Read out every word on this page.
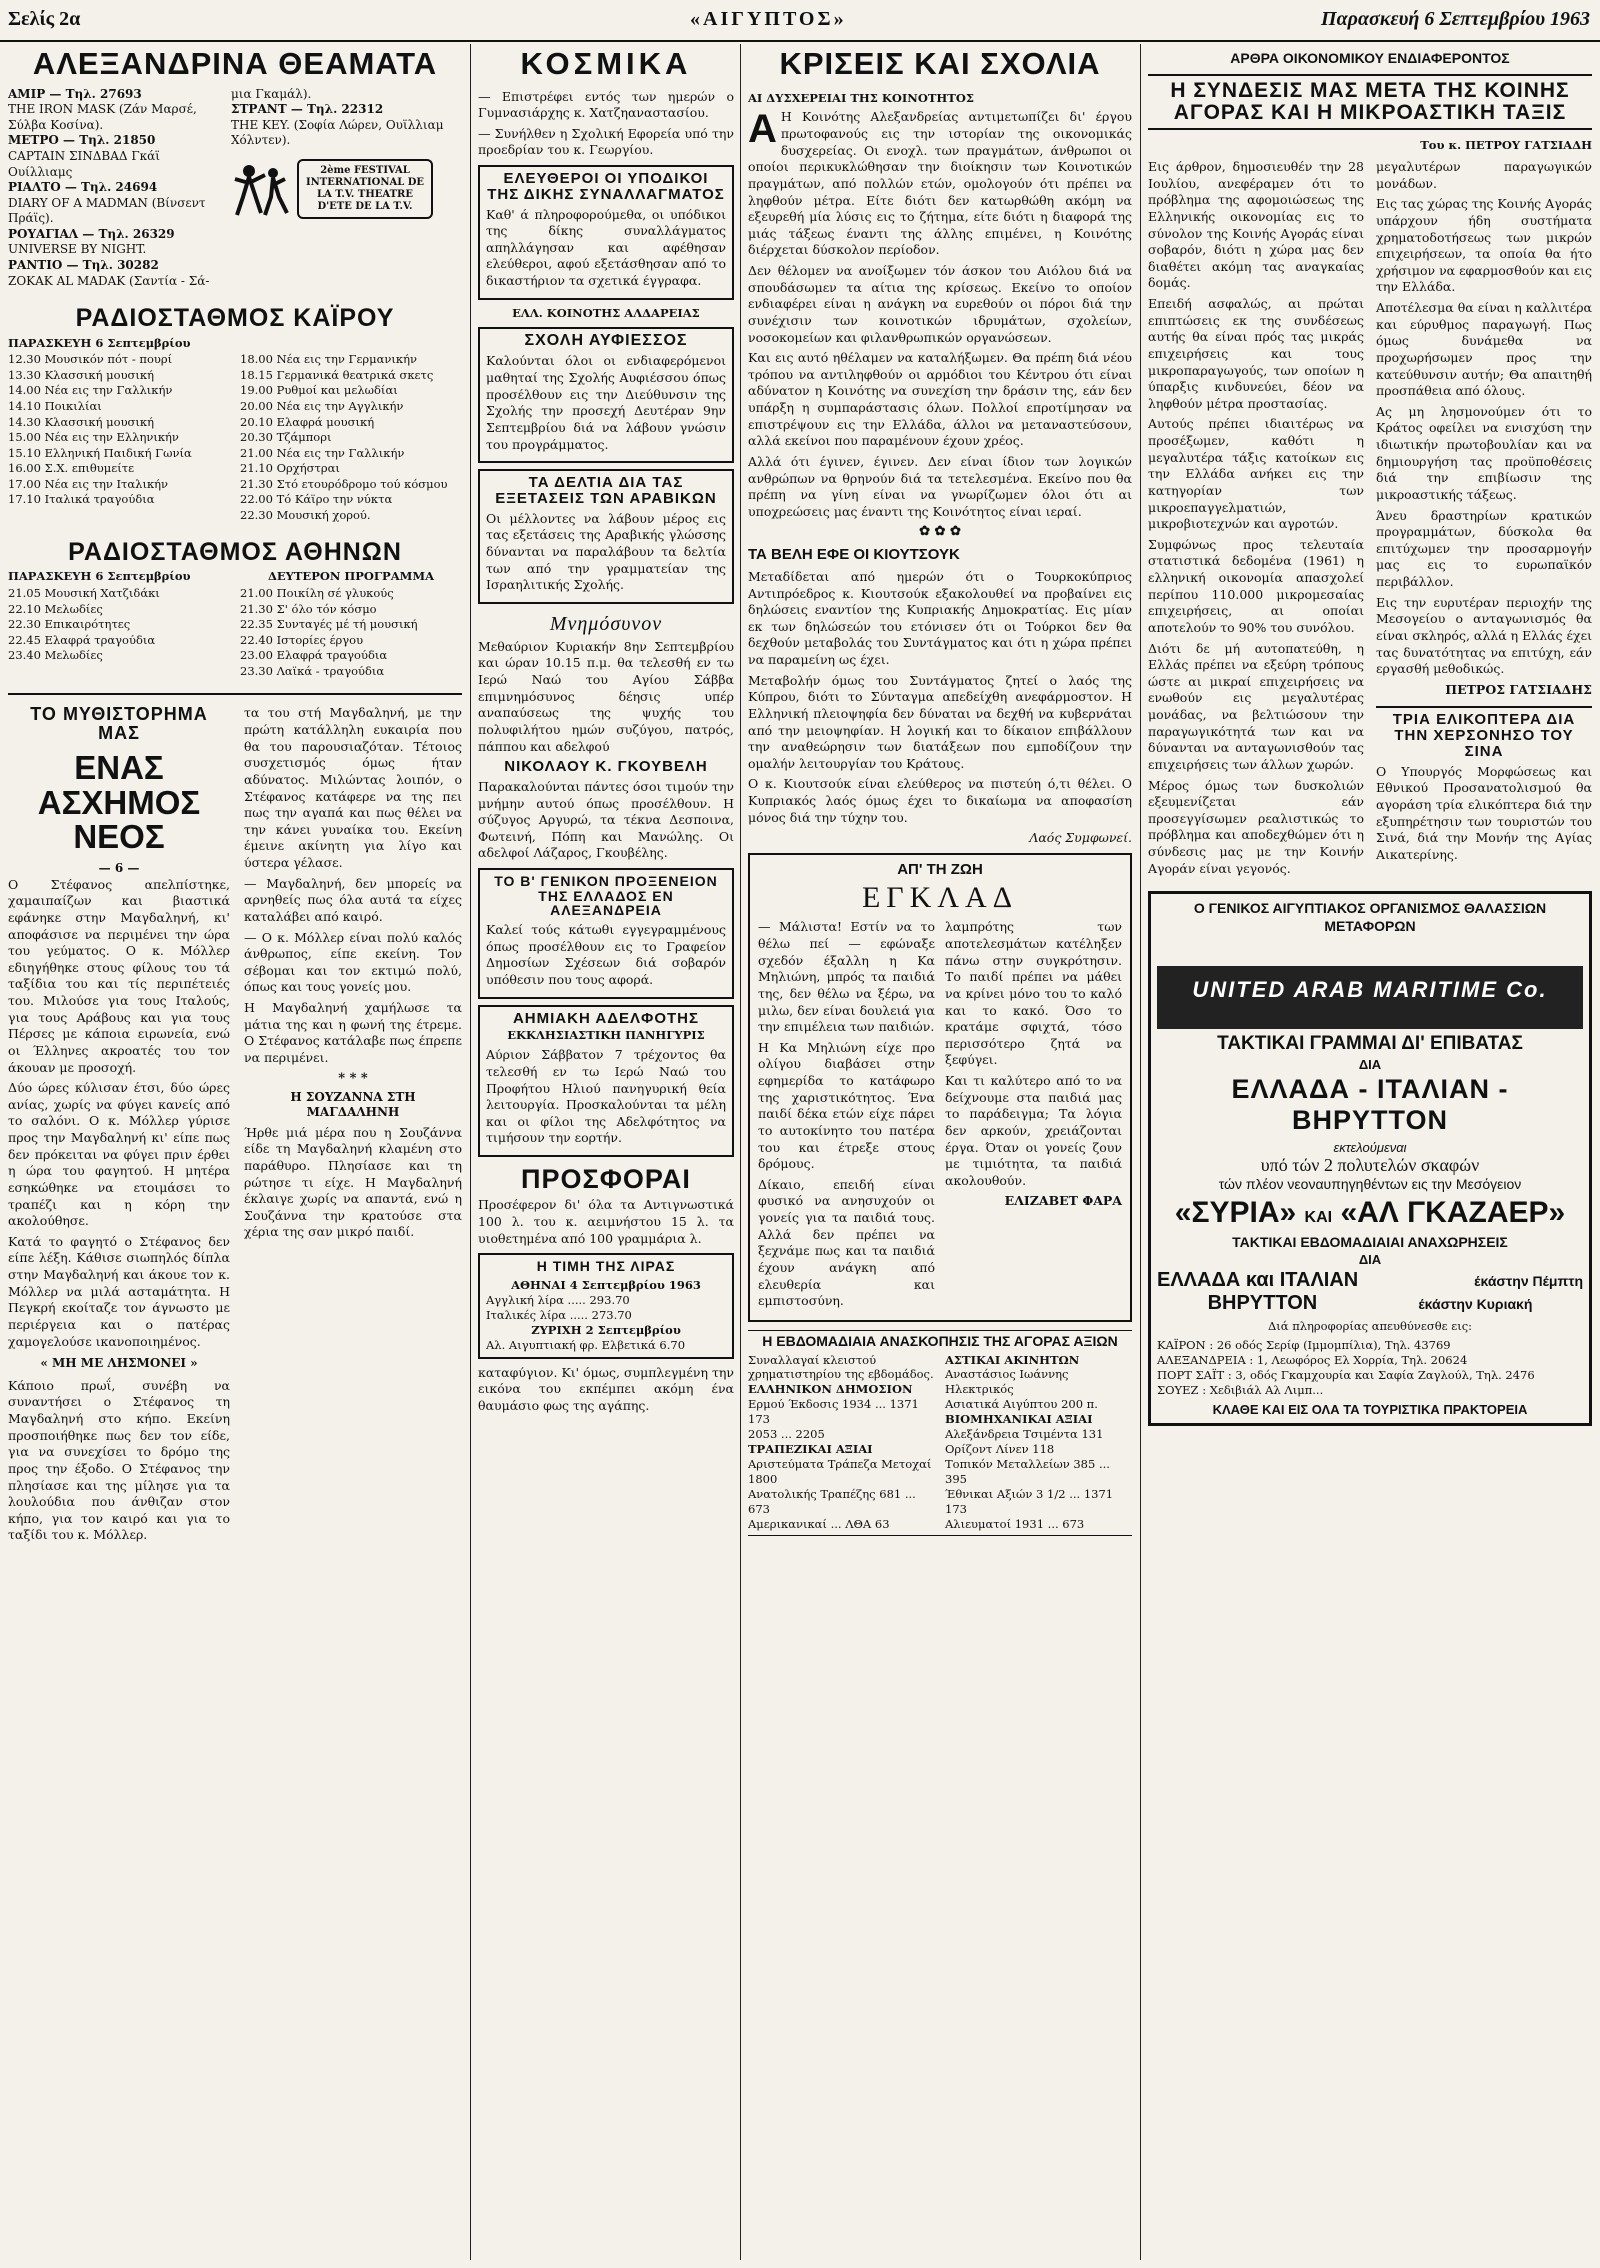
Σελίς 2α	«ΑΙΓΥΠΤΟΣ»	Παρασκευή 6 Σεπτεμβρίου 1963
ΑΛΕΞΑΝΔΡΙΝΑ ΘΕΑΜΑΤΑ
ΑΜΙΡ — Τηλ. 27693
THE IRON MASK (Ζάν Μαρσέ, Σύλβα Κοσίνα).
ΜΕΤΡΟ — Τηλ. 21850
CAPTAIN ΣΙΝΔΒΑΔ Γκάϊ Ουίλλιαμς
ΡΙΑΛΤΟ — Τηλ. 24694
DIARY OF A MADMAN (Βίνσεντ Πράϊς).
ΡΟΥΑΓΙΑΛ — Τηλ. 26329
UNIVERSE BY NIGHT.
ΡΑΝΤΙΟ — Τηλ. 30282
ΖΟΚΑΚ ΑL MADAK (Σαντία - Σά-
μια Γκαμάλ).
ΣΤΡΑΝΤ — Τηλ. 22312
THE KEY. (Σοφία Λώρεν, Ουϊλλιαμ Χόλντεν).
2ème FESTIVAL INTERNATIONAL DE LA T.V. THEATRE D'ETE DE LA T.V.
ΡΑΔΙΟΣΤΑΘΜΟΣ ΚΑΪΡΟΥ
ΠΑΡΑΣΚΕΥΗ 6 Σεπτεμβρίου
12.30 Μουσικόν πότ - πουρί
13.30 Κλασσική μουσική
14.00 Νέα εις την Γαλλικήν
14.10 Ποικιλίαι
14.30 Κλασσική μουσική
15.00 Νέα εις την Ελληνικήν
15.10 Ελληνική Παιδική Γωνία
16.00 Σ.Χ. επιθυμείτε
17.00 Νέα εις την Ιταλικήν
17.10 Ιταλικά τραγούδια
18.00 Νέα εις την Γερμανικήν
18.15 Γερμανικά θεατρικά σκετς
19.00 Ρυθμοί και μελωδίαι
20.00 Νέα εις την Αγγλικήν
20.10 Ελαφρά μουσική
20.30 Τζάμπορι
21.00 Νέα εις την Γαλλικήν
21.10 Ορχήστραι
21.30 Στό ετουρόδρομο τού κόσμου
22.00 Τό Κάϊρο την νύκτα
22.30 Μουσική χορού.
ΡΑΔΙΟΣΤΑΘΜΟΣ ΑΘΗΝΩΝ
ΠΑΡΑΣΚΕΥΗ 6 Σεπτεμβρίου	ΔΕΥΤΕΡΟΝ ΠΡΟΓΡΑΜΜΑ
21.05 Μουσική Χατζιδάκι
22.10 Μελωδίες
22.30 Επικαιρότητες
22.45 Ελαφρά τραγούδια
23.40 Μελωδίες
21.00 Ποικίλη σέ γλυκούς
21.30 Σ' όλο τόν κόσμο
22.35 Συνταγές μέ τή μουσική
22.40 Ιστορίες έργου
23.00 Ελαφρά τραγούδια
23.30 Λαϊκά - τραγούδια
ΤΟ ΜΥΘΙΣΤΟΡΗΜΑ ΜΑΣ
ΕΝΑΣ ΑΣΧΗΜΟΣ ΝΕΟΣ
— 6 —

Ο Στέφανος απελπίστηκε, χαμαιπαίζων και βιαστικά εφάνηκε στην Μαγδαληνή, κι' αποφάσισε να περιμένει την ώρα του γεύματος. Ο κ. Μόλλερ εδιηγήθηκε στους φίλους του τά ταξίδια του και τίς περιπέτειές του. Μιλούσε για τους Ιταλούς, για τους Αράβους και για τους Πέρσες με κάποια ειρωνεία, ενώ οι Έλληνες ακροατές του τον άκουαν με προσοχή.

Δύο ώρες κύλισαν έτσι, δύο ώρες ανίας, χωρίς να φύγει κανείς από το σαλόνι. Ο κ. Μόλλερ γύρισε προς την Μαγδαληνή κι' είπε πως δεν πρόκειται να φύγει πριν έρθει η ώρα του φαγητού. Η μητέρα εσηκώθηκε να ετοιμάσει το τραπέζι και η κόρη την ακολούθησε.

Κατά το φαγητό ο Στέφανος δεν είπε λέξη. Κάθισε σιωπηλός δίπλα στην Μαγδαληνή και άκουε τον κ. Μόλλερ να μιλά ασταμάτητα. Η Πεγκρή εκοίταζε τον άγνωστο με περιέργεια και ο πατέρας χαμογελούσε ικανοποιημένος.

« ΜΗ ΜΕ ΛΗΣΜΟΝΕΙ »

Κάποιο πρωΐ, συνέβη να συναντήσει ο Στέφανος τη Μαγδαληνή στο κήπο. Εκείνη προσποιήθηκε πως δεν τον είδε, για να συνεχίσει το δρόμο της προς την έξοδο. Ο Στέφανος την πλησίασε και της μίλησε για τα λουλούδια που άνθιζαν στον κήπο, για τον καιρό και για το ταξίδι του κ. Μόλλερ.

τα του στή Μαγδαληνή, με την πρώτη κατάλληλη ευκαιρία που θα του παρουσιαζόταν. Τέτοιος συσχετισμός όμως ήταν αδύνατος. Μιλώντας λοιπόν, ο Στέφανος κατάφερε να της πει πως την αγαπά και πως θέλει να την κάνει γυναίκα του. Εκείνη έμεινε ακίνητη για λίγο και ύστερα γέλασε.

— Μαγδαληνή, δεν μπορείς να αρνηθείς πως όλα αυτά τα είχες καταλάβει από καιρό.

— Ο κ. Μόλλερ είναι πολύ καλός άνθρωπος, είπε εκείνη. Τον σέβομαι και τον εκτιμώ πολύ, όπως και τους γονείς μου.

Η Μαγδαληνή χαμήλωσε τα μάτια της και η φωνή της έτρεμε. Ο Στέφανος κατάλαβε πως έπρεπε να περιμένει.

* * *
Η ΣΟΥΖΑΝΝΑ ΣΤΗ ΜΑΓΔΑΛΗΝΗ

Ήρθε μιά μέρα που η Σουζάννα είδε τη Μαγδαληνή κλαμένη στο παράθυρο. Πλησίασε και τη ρώτησε τι είχε. Η Μαγδαληνή έκλαιγε χωρίς να απαντά, ενώ η Σουζάννα την κρατούσε στα χέρια της σαν μικρό παιδί.

ΚΟΣΜΙΚΑ

— Επιστρέφει εντός των ημερών ο Γυμνασιάρχης κ. Χατζηαναστασίου.

— Συνήλθεν η Σχολική Εφορεία υπό την προεδρίαν του κ. Γεωργίου.

ΕΛΕΥΘΕΡΟΙ ΟΙ ΥΠΟΔΙΚΟΙ ΤΗΣ ΔΙΚΗΣ ΣΥΝΑΛΛΑΓΜΑΤΟΣ

Καθ' ά πληροφορούμεθα, οι υπόδικοι της δίκης συναλλάγματος απηλλάγησαν και αφέθησαν ελεύθεροι, αφού εξετάσθησαν από το δικαστήριον τα σχετικά έγγραφα.

ΕΛΛ. ΚΟΙΝΟΤΗΣ ΑΛΔΑΡΕΙΑΣ
ΣΧΟΛΗ ΑΥΦΙΕΣΣΟΣ

Καλούνται όλοι οι ενδιαφερόμενοι μαθηταί της Σχολής Αυφιέσσου όπως προσέλθουν εις την Διεύθυνσιν της Σχολής την προσεχή Δευτέραν 9ην Σεπτεμβρίου διά να λάβουν γνώσιν του προγράμματος.

ΤΑ ΔΕΛΤΙΑ ΔΙΑ ΤΑΣ ΕΞΕΤΑΣΕΙΣ ΤΩΝ ΑΡΑΒΙΚΩΝ

Οι μέλλοντες να λάβουν μέρος εις τας εξετάσεις της Αραβικής γλώσσης δύνανται να παραλάβουν τα δελτία των από την γραμματείαν της Ισραηλιτικής Σχολής.

Μνημόσυνον

Μεθαύριον Κυριακήν 8ην Σεπτεμβρίου και ώραν 10.15 π.μ. θα τελεσθή εν τω Ιερώ Ναώ του Αγίου Σάββα επιμνημόσυνος δέησις υπέρ αναπαύσεως της ψυχής του πολυφιλήτου ημών συζύγου, πατρός, πάππου και αδελφού

ΝΙΚΟΛΑΟΥ Κ. ΓΚΟΥΒΕΛΗ

Παρακαλούνται πάντες όσοι τιμούν την μνήμην αυτού όπως προσέλθουν. Η σύζυγος Αργυρώ, τα τέκνα Δεσποινα, Φωτεινή, Πόπη και Μανώλης. Οι αδελφοί Λάζαρος, Γκουβέλης.

ΤΟ Β' ΓΕΝΙΚΟΝ ΠΡΟΞΕΝΕΙΟΝ ΤΗΣ ΕΛΛΑΔΟΣ ΕΝ ΑΛΕΞΑΝΔΡΕΙΑ

Καλεί τούς κάτωθι εγγεγραμμένους όπως προσέλθουν εις το Γραφείον Δημοσίων Σχέσεων διά σοβαρόν υπόθεσιν που τους αφορά.

ΑΗΜΙΑΚΗ ΑΔΕΛΦΟΤΗΣ
ΕΚΚΛΗΣΙΑΣΤΙΚΗ ΠΑΝΗΓΥΡΙΣ

Αύριον Σάββατον 7 τρέχοντος θα τελεσθή εν τω Ιερώ Ναώ του Προφήτου Ηλιού πανηγυρική θεία λειτουργία. Προσκαλούνται τα μέλη και οι φίλοι της Αδελφότητος να τιμήσουν την εορτήν.

ΠΡΟΣΦΟΡΑΙ

Προσέφερον δι' όλα τα Αντιγνωστικά 100 λ. του κ. αειμνήστου 15 λ. τα υιοθετημένα από 100 γραμμάρια λ.

Η ΤΙΜΗ ΤΗΣ ΛΙΡΑΣ
ΑΘΗΝΑΙ 4 Σεπτεμβρίου 1963
Αγγλική λίρα ..... 293.70
Ιταλικές λίρα ..... 273.70
ΖΥΡΙΧΗ 2 Σεπτεμβρίου
Αλ. Αιγυπτιακή φρ. Ελβετικά 6.70

καταφύγιον. Κι' όμως, συμπλεγμένη την εικόνα του εκπέμπει ακόμη ένα θαυμάσιο φως της αγάπης.

ΚΡΙΣΕΙΣ ΚΑΙ ΣΧΟΛΙΑ
ΑΙ ΔΥΣΧΕΡΕΙΑΙ ΤΗΣ ΚΟΙΝΟΤΗΤΟΣ

Α Η Κοινότης Αλεξανδρείας αντιμετωπίζει δι' έργου πρωτοφανούς εις την ιστορίαν της οικονομικάς δυσχερείας. Οι ενοχλ. των πραγμάτων, άνθρωποι οι οποίοι περικυκλώθησαν την διοίκησιν των Κοινοτικών πραγμάτων, από πολλών ετών, ομολογούν ότι πρέπει να ληφθούν μέτρα. Είτε διότι δεν κατωρθώθη ακόμη να εξευρεθή μία λύσις εις το ζήτημα, είτε διότι η διαφορά της μιάς τάξεως έναντι της άλλης επιμένει, η Κοινότης διέρχεται δύσκολον περίοδον.

Δεν θέλομεν να ανοίξωμεν τόν άσκον του Αιόλου διά να σπουδάσωμεν τα αίτια της κρίσεως. Εκείνο το οποίον ενδιαφέρει είναι η ανάγκη να ευρεθούν οι πόροι διά την συνέχισιν των κοινοτικών ιδρυμάτων, σχολείων, νοσοκομείων και φιλανθρωπικών οργανώσεων.

Και εις αυτό ηθέλαμεν να καταλήξωμεν. Θα πρέπη διά νέου τρόπου να αντιληφθούν οι αρμόδιοι του Κέντρου ότι είναι αδύνατον η Κοινότης να συνεχίση την δράσιν της, εάν δεν υπάρξη η συμπαράστασις όλων. Πολλοί επροτίμησαν να επιστρέψουν εις την Ελλάδα, άλλοι να μεταναστεύσουν, αλλά εκείνοι που παραμένουν έχουν χρέος.

Αλλά ότι έγινεν, έγινεν. Δεν είναι ίδιον των λογικών ανθρώπων να θρηνούν διά τα τετελεσμένα. Εκείνο που θα πρέπη να γίνη είναι να γνωρίζωμεν όλοι ότι αι υποχρεώσεις μας έναντι της Κοινότητος είναι ιεραί.

✿ ✿ ✿
ΤΑ ΒΕΛΗ ΕΦΕ ΟΙ ΚΙΟΥΤΣΟΥΚ

Μεταδίδεται από ημερών ότι ο Τουρκοκύπριος Αντιπρόεδρος κ. Κιουτσούκ εξακολουθεί να προβαίνει εις δηλώσεις εναντίον της Κυπριακής Δημοκρατίας. Εις μίαν εκ των δηλώσεών του ετόνισεν ότι οι Τούρκοι δεν θα δεχθούν μεταβολάς του Συντάγματος και ότι η χώρα πρέπει να παραμείνη ως έχει.

Μεταβολήν όμως του Συντάγματος ζητεί ο λαός της Κύπρου, διότι το Σύνταγμα απεδείχθη ανεφάρμοστον. Η Ελληνική πλειοψηφία δεν δύναται να δεχθή να κυβερνάται από την μειοψηφίαν. Η λογική και το δίκαιον επιβάλλουν την αναθεώρησιν των διατάξεων που εμποδίζουν την ομαλήν λειτουργίαν του Κράτους.

Ο κ. Κιουτσούκ είναι ελεύθερος να πιστεύη ό,τι θέλει. Ο Κυπριακός λαός όμως έχει το δικαίωμα να αποφασίση μόνος διά την τύχην του.

Λαός Συμφωνεί.
ΑΠ' ΤΗ ΖΩΗ
ΕΓΚΛΑΔ

— Μάλιστα! Εστίν να το θέλω πεί — εφώναξε σχεδόν έξαλλη η Κα Μηλιώνη, μπρός τα παιδιά της, δεν θέλω να ξέρω, να μιλω, δεν είναι δουλειά για την επιμέλεια των παιδιών.

Η Κα Μηλιώνη είχε προ ολίγου διαβάσει στην εφημερίδα το κατάφωρο της χαριστικότητος. Ένα παιδί δέκα ετών είχε πάρει το αυτοκίνητο του πατέρα του και έτρεξε στους δρόμους.

Δίκαιο, επειδή είναι φυσικό να ανησυχούν οι γονείς για τα παιδιά τους. Αλλά δεν πρέπει να ξεχνάμε πως και τα παιδιά έχουν ανάγκη από ελευθερία και εμπιστοσύνη.

λαμπρότης των αποτελεσμάτων κατέληξεν πάνω στην συγκρότησιν. Το παιδί πρέπει να μάθει να κρίνει μόνο του το καλό και το κακό. Όσο το κρατάμε σφιχτά, τόσο περισσότερο ζητά να ξεφύγει.

Και τι καλύτερο από το να δείχνουμε στα παιδιά μας το παράδειγμα; Τα λόγια δεν αρκούν, χρειάζονται έργα. Όταν οι γονείς ζουν με τιμιότητα, τα παιδιά ακολουθούν.

ΕΛΙΖΑΒΕΤ ΦΑΡΑ
Η ΕΒΔΟΜΑΔΙΑΙΑ ΑΝΑΣΚΟΠΗΣΙΣ ΤΗΣ ΑΓΟΡΑΣ ΑΞΙΩΝ
Συναλλαγαί κλειστού χρηματιστηρίου της εβδομάδος.
ΕΛΛΗΝΙΚΟΝ ΔΗΜΟΣΙΟΝ
Ερμού Έκδοσις 1934 ... 1371 173
2053 ... 2205
ΤΡΑΠΕΖΙΚΑΙ ΑΞΙΑΙ
Αριστεύματα Τράπεζα Μετοχαί 1800
Ανατολικής Τραπέζης 681 ... 673
Αμερικανικαί ... ΛΘΑ 63
ΑΣΤΙΚΑΙ ΑΚΙΝΗΤΩΝ
Αναστάσιος Ιωάννης Ηλεκτρικός
Ασιατικά Αιγύπτου 200 π.
ΒΙΟΜΗΧΑΝΙΚΑΙ ΑΞΙΑΙ
Αλεξάνδρεια Τσιμέντα 131
Ορίζοντ Λίνεν 118
Τοπικόν Μεταλλείων 385 ... 395
Έθνικαι Αξιών 3 1/2 ... 1371 173
Αλιευματοί 1931 ... 673
ΑΡΘΡΑ ΟΙΚΟΝΟΜΙΚΟΥ ΕΝΔΙΑΦΕΡΟΝΤΟΣ
Η ΣΥΝΔΕΣΙΣ ΜΑΣ ΜΕΤΑ ΤΗΣ ΚΟΙΝΗΣ ΑΓΟΡΑΣ ΚΑΙ Η ΜΙΚΡΟΑΣΤΙΚΗ ΤΑΞΙΣ
Του κ. ΠΕΤΡΟΥ ΓΑΤΣΙΑΔΗ

Εις άρθρον, δημοσιευθέν την 28 Ιουλίου, ανεφέραμεν ότι το πρόβλημα της αφομοιώσεως της Ελληνικής οικονομίας εις το σύνολον της Κοινής Αγοράς είναι σοβαρόν, διότι η χώρα μας δεν διαθέτει ακόμη τας αναγκαίας δομάς.

Επειδή ασφαλώς, αι πρώται επιπτώσεις εκ της συνδέσεως αυτής θα είναι πρός τας μικράς επιχειρήσεις και τους μικροπαραγωγούς, των οποίων η ύπαρξις κινδυνεύει, δέον να ληφθούν μέτρα προστασίας.

Αυτούς πρέπει ιδιαιτέρως να προσέξωμεν, καθότι η μεγαλυτέρα τάξις κατοίκων εις την Ελλάδα ανήκει εις την κατηγορίαν των μικροεπαγγελματιών, μικροβιοτεχνών και αγροτών.

Συμφώνως προς τελευταία στατιστικά δεδομένα (1961) η ελληνική οικονομία απασχολεί περίπου 110.000 μικρομεσαίας επιχειρήσεις, αι οποίαι αποτελούν το 90% του συνόλου.

Διότι δε μή αυτοπατεύθη, η Ελλάς πρέπει να εξεύρη τρόπους ώστε αι μικραί επιχειρήσεις να ενωθούν εις μεγαλυτέρας μονάδας, να βελτιώσουν την παραγωγικότητά των και να δύνανται να ανταγωνισθούν τας επιχειρήσεις των άλλων χωρών.

Μέρος όμως των δυσκολιών εξευμενίζεται εάν προσεγγίσωμεν ρεαλιστικώς το πρόβλημα και αποδεχθώμεν ότι η σύνδεσις μας με την Κοινήν Αγοράν είναι γεγονός.

μεγαλυτέρων παραγωγικών μονάδων.

Εις τας χώρας της Κοινής Αγοράς υπάρχουν ήδη συστήματα χρηματοδοτήσεως των μικρών επιχειρήσεων, τα οποία θα ήτο χρήσιμον να εφαρμοσθούν και εις την Ελλάδα.

Αποτέλεσμα θα είναι η καλλιτέρα και εύρυθμος παραγωγή. Πως όμως δυνάμεθα να προχωρήσωμεν προς την κατεύθυνσιν αυτήν; Θα απαιτηθή προσπάθεια από όλους.

Ας μη λησμονούμεν ότι το Κράτος οφείλει να ενισχύση την ιδιωτικήν πρωτοβουλίαν και να δημιουργήση τας προϋποθέσεις διά την επιβίωσιν της μικροαστικής τάξεως.

Άνευ δραστηρίων κρατικών προγραμμάτων, δύσκολα θα επιτύχωμεν την προσαρμογήν μας εις το ευρωπαϊκόν περιβάλλον.

Εις την ευρυτέραν περιοχήν της Μεσογείου ο ανταγωνισμός θα είναι σκληρός, αλλά η Ελλάς έχει τας δυνατότητας να επιτύχη, εάν εργασθή μεθοδικώς.

ΠΕΤΡΟΣ ΓΑΤΣΙΑΔΗΣ
ΤΡΙΑ ΕΛΙΚΟΠΤΕΡΑ ΔΙΑ ΤΗΝ ΧΕΡΣΟΝΗΣΟ ΤΟΥ ΣΙΝΑ

Ο Υπουργός Μορφώσεως και Εθνικού Προσανατολισμού θα αγοράση τρία ελικόπτερα διά την εξυπηρέτησιν των τουριστών του Σινά, διά την Μονήν της Αγίας Αικατερίνης.

Ο ΓΕΝΙΚΟΣ ΑΙΓΥΠΤΙΑΚΟΣ ΟΡΓΑΝΙΣΜΟΣ ΘΑΛΑΣΣΙΩΝ ΜΕΤΑΦΟΡΩΝ
UNITED ARAB MARITIME Co.
ΤΑΚΤΙΚΑΙ ΓΡΑΜΜΑΙ ΔΙ' ΕΠΙΒΑΤΑΣ
ΔΙΑ
ΕΛΛΑΔΑ - ΙΤΑΛΙΑΝ - ΒΗΡΥΤΤΟΝ
εκτελούμεναι
υπό τών 2 πολυτελών σκαφών
τών πλέον νεοναυπηγηθέντων εις την Μεσόγειον
«ΣΥΡΙΑ» ΚΑΙ «ΑΛ ΓΚΑΖΑΕΡ»
ΤΑΚΤΙΚΑΙ ΕΒΔΟΜΑΔΙΑΙΑΙ ΑΝΑΧΩΡΗΣΕΙΣ
ΔΙΑ
ΕΛΛΑΔΑ και ΙΤΑΛΙΑΝ	έκάστην Πέμπτη
ΒΗΡΥΤΤΟΝ	έκάστην Κυριακή
Διά πληροφορίας απευθύνεσθε εις:
ΚΑΪΡΟΝ : 26 οδός Σερίφ (Ιμμομπίλια), Τηλ. 43769
ΑΛΕΞΑΝΔΡΕΙΑ : 1, Λεωφόρος Ελ Χορρία, Τηλ. 20624
ΠΟΡΤ ΣΑΪΤ : 3, οδός Γκαμχουρία και Σαφία Ζαγλούλ, Τηλ. 2476
ΣΟΥΕΖ : Χεδιβιάλ Αλ Λιμπ...
ΚΛΑΘΕ ΚΑΙ ΕΙΣ ΟΛΑ ΤΑ ΤΟΥΡΙΣΤΙΚΑ ΠΡΑΚΤΟΡΕΙΑ
